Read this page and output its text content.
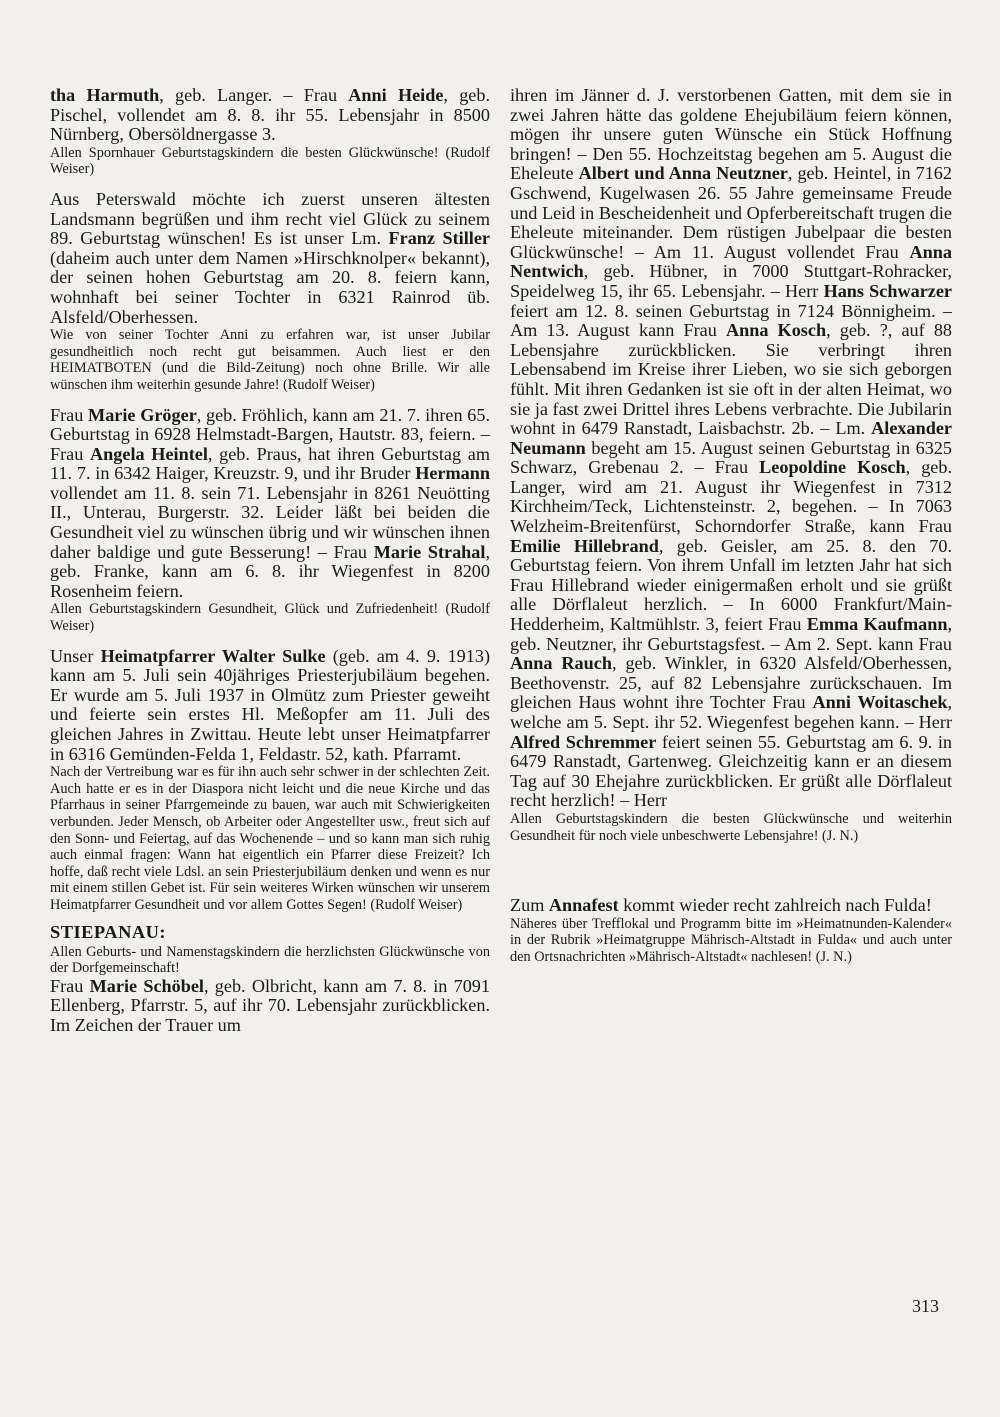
tha Harmuth, geb. Langer. – Frau Anni Heide, geb. Pischel, vollendet am 8. 8. ihr 55. Lebensjahr in 8500 Nürnberg, Obersöldnergasse 3.

Allen Spornhauer Geburtstagskindern die besten Glückwünsche! (Rudolf Weiser)

Aus Peterswald möchte ich zuerst unseren ältesten Landsmann begrüßen und ihm recht viel Glück zu seinem 89. Geburtstag wünschen! Es ist unser Lm. Franz Stiller (daheim auch unter dem Namen »Hirschknolper« bekannt), der seinen hohen Geburtstag am 20. 8. feiern kann, wohnhaft bei seiner Tochter in 6321 Rainrod üb. Alsfeld/Oberhessen.

Wie von seiner Tochter Anni zu erfahren war, ist unser Jubilar gesundheitlich noch recht gut beisammen. Auch liest er den HEIMATBOTEN (und die Bild-Zeitung) noch ohne Brille. Wir alle wünschen ihm weiterhin gesunde Jahre! (Rudolf Weiser)

Frau Marie Gröger, geb. Fröhlich, kann am 21. 7. ihren 65. Geburtstag in 6928 Helmstadt-Bargen, Hautstr. 83, feiern. – Frau Angela Heintel, geb. Praus, hat ihren Geburtstag am 11. 7. in 6342 Haiger, Kreuzstr. 9, und ihr Bruder Hermann vollendet am 11. 8. sein 71. Lebensjahr in 8261 Neuötting II., Unterau, Burgerstr. 32. Leider läßt bei beiden die Gesundheit viel zu wünschen übrig und wir wünschen ihnen daher baldige und gute Besserung! – Frau Marie Strahal, geb. Franke, kann am 6. 8. ihr Wiegenfest in 8200 Rosenheim feiern.

Allen Geburtstagskindern Gesundheit, Glück und Zufriedenheit! (Rudolf Weiser)

Unser Heimatpfarrer Walter Sulke (geb. am 4. 9. 1913) kann am 5. Juli sein 40jähriges Priesterjubiläum begehen. Er wurde am 5. Juli 1937 in Olmütz zum Priester geweiht und feierte sein erstes Hl. Meßopfer am 11. Juli des gleichen Jahres in Zwittau. Heute lebt unser Heimatpfarrer in 6316 Gemünden-Felda 1, Feldastr. 52, kath. Pfarramt.

Nach der Vertreibung war es für ihn auch sehr schwer in der schlechten Zeit. Auch hatte er es in der Diaspora nicht leicht und die neue Kirche und das Pfarrhaus in seiner Pfarrgemeinde zu bauen, war auch mit Schwierigkeiten verbunden. Jeder Mensch, ob Arbeiter oder Angestellter usw., freut sich auf den Sonn- und Feiertag, auf das Wochenende – und so kann man sich ruhig auch einmal fragen: Wann hat eigentlich ein Pfarrer diese Freizeit? Ich hoffe, daß recht viele Ldsl. an sein Priesterjubiläum denken und wenn es nur mit einem stillen Gebet ist. Für sein weiteres Wirken wünschen wir unserem Heimatpfarrer Gesundheit und vor allem Gottes Segen! (Rudolf Weiser)

STIEPANAU:

Allen Geburts- und Namenstagskindern die herzlichsten Glückwünsche von der Dorfgemeinschaft!

Frau Marie Schöbel, geb. Olbricht, kann am 7. 8. in 7091 Ellenberg, Pfarrstr. 5, auf ihr 70. Lebensjahr zurückblicken. Im Zeichen der Trauer um

ihren im Jänner d. J. verstorbenen Gatten, mit dem sie in zwei Jahren hätte das goldene Ehejubiläum feiern können, mögen ihr unsere guten Wünsche ein Stück Hoffnung bringen! – Den 55. Hochzeitstag begehen am 5. August die Eheleute Albert und Anna Neutzner, geb. Heintel, in 7162 Gschwend, Kugelwasen 26. 55 Jahre gemeinsame Freude und Leid in Bescheidenheit und Opferbereitschaft trugen die Eheleute miteinander. Dem rüstigen Jubelpaar die besten Glückwünsche! – Am 11. August vollendet Frau Anna Nentwich, geb. Hübner, in 7000 Stuttgart-Rohracker, Speidelweg 15, ihr 65. Lebensjahr. – Herr Hans Schwarzer feiert am 12. 8. seinen Geburtstag in 7124 Bönnigheim. – Am 13. August kann Frau Anna Kosch, geb. ?, auf 88 Lebensjahre zurückblicken. Sie verbringt ihren Lebensabend im Kreise ihrer Lieben, wo sie sich geborgen fühlt. Mit ihren Gedanken ist sie oft in der alten Heimat, wo sie ja fast zwei Drittel ihres Lebens verbrachte. Die Jubilarin wohnt in 6479 Ranstadt, Laisbachstr. 2b. – Lm. Alexander Neumann begeht am 15. August seinen Geburtstag in 6325 Schwarz, Grebenau 2. – Frau Leopoldine Kosch, geb. Langer, wird am 21. August ihr Wiegenfest in 7312 Kirchheim/Teck, Lichtensteinstr. 2, begehen. – In 7063 Welzheim-Breitenfürst, Schorndorfer Straße, kann Frau Emilie Hillebrand, geb. Geisler, am 25. 8. den 70. Geburtstag feiern. Von ihrem Unfall im letzten Jahr hat sich Frau Hillebrand wieder einigermaßen erholt und sie grüßt alle Dörflaleut herzlich. – In 6000 Frankfurt/Main-Hedderheim, Kaltmühlstr. 3, feiert Frau Emma Kaufmann, geb. Neutzner, ihr Geburtstagsfest. – Am 2. Sept. kann Frau Anna Rauch, geb. Winkler, in 6320 Alsfeld/Oberhessen, Beethovenstr. 25, auf 82 Lebensjahre zurückschauen. Im gleichen Haus wohnt ihre Tochter Frau Anni Woitaschek, welche am 5. Sept. ihr 52. Wiegenfest begehen kann. – Herr Alfred Schremmer feiert seinen 55. Geburtstag am 6. 9. in 6479 Ranstadt, Gartenweg. Gleichzeitig kann er an diesem Tag auf 30 Ehejahre zurückblicken. Er grüßt alle Dörflaleut recht herzlich! – Herr

Allen Geburtstagskindern die besten Glückwünsche und weiterhin Gesundheit für noch viele unbeschwerte Lebensjahre! (J. N.)

Zum Annafest kommt wieder recht zahlreich nach Fulda!

Näheres über Trefflokal und Programm bitte im »Heimatnunden-Kalender« in der Rubrik »Heimatgruppe Mährisch-Altstadt in Fulda« und auch unter den Ortsnachrichten »Mährisch-Altstadt« nachlesen! (J. N.)

313
